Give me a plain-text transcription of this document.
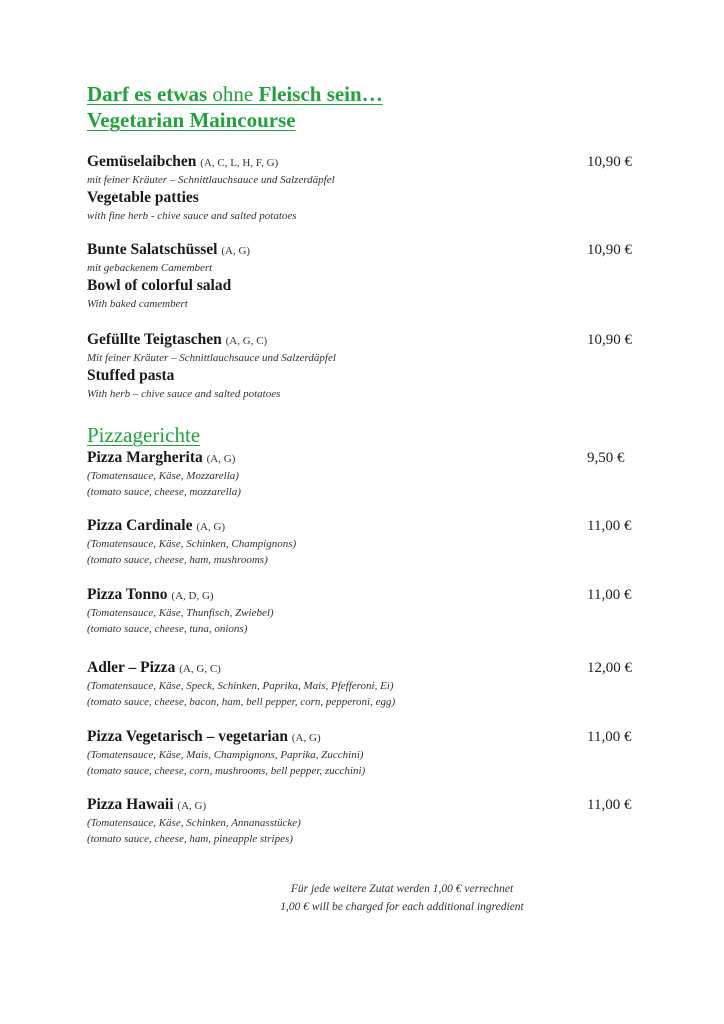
Darf es etwas ohne Fleisch sein…
Vegetarian Maincourse
Gemüselaibchen (A, C, L, H, F, G)	10,90 €
mit feiner Kräuter – Schnittlauchsauce und Salzerdäpfel
Vegetable patties
with fine herb - chive sauce and salted potatoes
Bunte Salatschüssel (A, G)	10,90 €
mit gebackenem Camembert
Bowl of colorful salad
With baked camembert
Gefüllte Teigtaschen (A, G, C)	10,90 €
Mit feiner Kräuter – Schnittlauchsauce und Salzerdäpfel
Stuffed pasta
With herb – chive sauce and salted potatoes
Pizzagerichte
Pizza Margherita (A, G)	9,50 €
(Tomatensauce, Käse, Mozzarella)
(tomato sauce, cheese, mozzarella)
Pizza Cardinale (A, G)	11,00 €
(Tomatensauce, Käse, Schinken, Champignons)
(tomato sauce, cheese, ham, mushrooms)
Pizza Tonno (A, D, G)	11,00 €
(Tomatensauce, Käse, Thunfisch, Zwiebel)
(tomato sauce, cheese, tuna, onions)
Adler – Pizza (A, G, C)	12,00 €
(Tomatensauce, Käse, Speck, Schinken, Paprika, Mais, Pfefferoni, Ei)
(tomato sauce, cheese, bacon, ham, bell pepper, corn, pepperoni, egg)
Pizza Vegetarisch – vegetarian (A, G)	11,00 €
(Tomatensauce, Käse, Mais, Champignons, Paprika, Zucchini)
(tomato sauce, cheese, corn, mushrooms, bell pepper, zucchini)
Pizza Hawaii (A, G)	11,00 €
(Tomatensauce, Käse, Schinken, Annanasstücke)
(tomato sauce, cheese, ham, pineapple stripes)
Für jede weitere Zutat werden 1,00 € verrechnet
1,00 € will be charged for each additional ingredient
